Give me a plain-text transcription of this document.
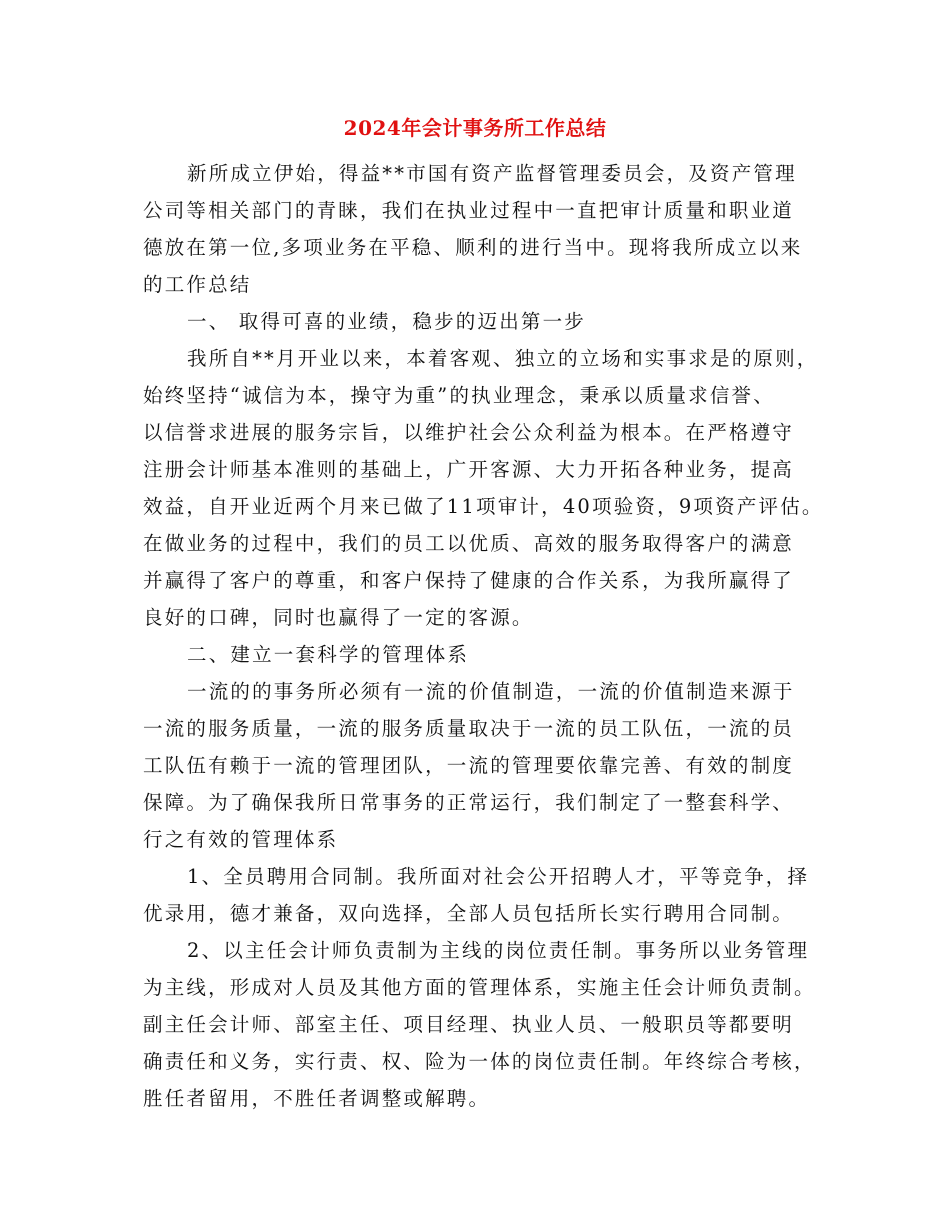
2024年会计事务所工作总结
新所成立伊始，得益**市国有资产监督管理委员会，及资产管理
公司等相关部门的青睐，我们在执业过程中一直把审计质量和职业道
德放在第一位,多项业务在平稳、顺利的进行当中。现将我所成立以来
的工作总结
一、 取得可喜的业绩，稳步的迈出第一步
我所自**月开业以来，本着客观、独立的立场和实事求是的原则，
始终坚持“诚信为本，操守为重”的执业理念，秉承以质量求信誉、
以信誉求进展的服务宗旨，以维护社会公众利益为根本。在严格遵守
注册会计师基本准则的基础上，广开客源、大力开拓各种业务，提高
效益，自开业近两个月来已做了11项审计，40项验资，9项资产评估。
在做业务的过程中，我们的员工以优质、高效的服务取得客户的满意
并赢得了客户的尊重，和客户保持了健康的合作关系，为我所赢得了
良好的口碑，同时也赢得了一定的客源。
二、建立一套科学的管理体系
一流的的事务所必须有一流的价值制造，一流的价值制造来源于
一流的服务质量，一流的服务质量取决于一流的员工队伍，一流的员
工队伍有赖于一流的管理团队，一流的管理要依靠完善、有效的制度
保障。为了确保我所日常事务的正常运行，我们制定了一整套科学、
行之有效的管理体系
1、全员聘用合同制。我所面对社会公开招聘人才，平等竞争，择
优录用，德才兼备，双向选择，全部人员包括所长实行聘用合同制。
2、以主任会计师负责制为主线的岗位责任制。事务所以业务管理
为主线，形成对人员及其他方面的管理体系，实施主任会计师负责制。
副主任会计师、部室主任、项目经理、执业人员、一般职员等都要明
确责任和义务，实行责、权、险为一体的岗位责任制。年终综合考核，
胜任者留用，不胜任者调整或解聘。
